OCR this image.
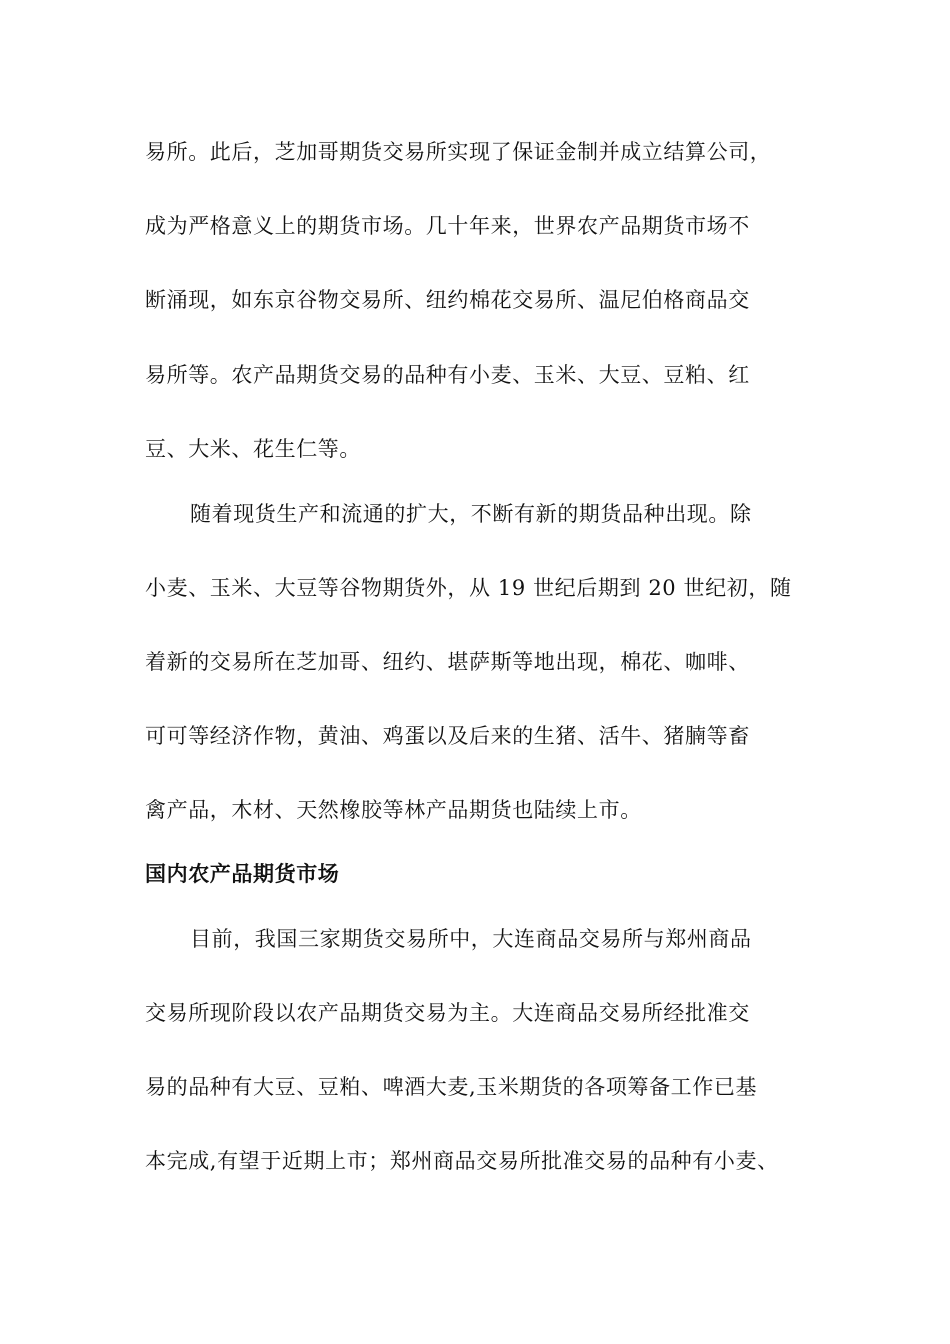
易所。此后，芝加哥期货交易所实现了保证金制并成立结算公司，
成为严格意义上的期货市场。几十年来，世界农产品期货市场不
断涌现，如东京谷物交易所、纽约棉花交易所、温尼伯格商品交
易所等。农产品期货交易的品种有小麦、玉米、大豆、豆粕、红
豆、大米、花生仁等。
随着现货生产和流通的扩大，不断有新的期货品种出现。除
小麦、玉米、大豆等谷物期货外，从 19 世纪后期到 20 世纪初，随
着新的交易所在芝加哥、纽约、堪萨斯等地出现，棉花、咖啡、
可可等经济作物，黄油、鸡蛋以及后来的生猪、活牛、猪腩等畜
禽产品，木材、天然橡胶等林产品期货也陆续上市。
国内农产品期货市场
目前，我国三家期货交易所中，大连商品交易所与郑州商品
交易所现阶段以农产品期货交易为主。大连商品交易所经批准交
易的品种有大豆、豆粕、啤酒大麦,玉米期货的各项筹备工作已基
本完成,有望于近期上市；郑州商品交易所批准交易的品种有小麦、
